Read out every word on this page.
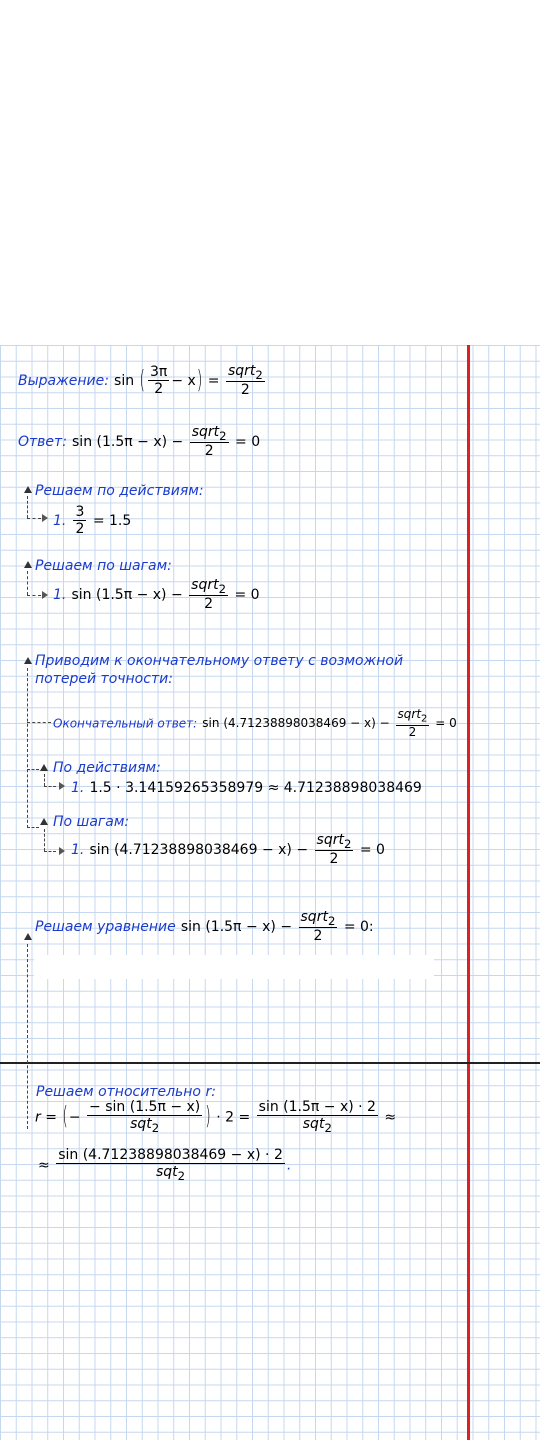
Выражение: sin ( $\frac{3\pi}{2} - x) = \frac{sqrt_2}{2}$
Ответ: $\sin (1.5\pi - x) - \frac{sqrt_2}{2} = 0$
Решаем по действиям:
1. $\frac{3}{2} = 1.5$
Решаем по шагам:
1. $\sin (1.5\pi - x) - \frac{sqrt_2}{2} = 0$
Приводим к окончательному ответу с возможной
потерей точности:
Окончательный ответ: $\sin (4.71238898038469 - x) - \frac{sqrt_2}{2} = 0$
По действиям:
1. 1.5 · 3.14159265358979 ≈ 4.71238898038469
По шагам:
1. $\sin (4.71238898038469 - x) - \frac{sqrt_2}{2} = 0$
Решаем уравнение $\sin (1.5\pi - x) - \frac{sqrt_2}{2} = 0$:
Решаем относительно r:
r = (− $\frac{- \sin (1.5\pi - x)}{sqt_2}$ ) · $2 = \frac{\sin (1.5\pi - x) \cdot 2}{sqt_2}$ ≈
≈ $\frac{\sin (4.71238898038469 - x) \cdot 2}{sqt_2}$ .
